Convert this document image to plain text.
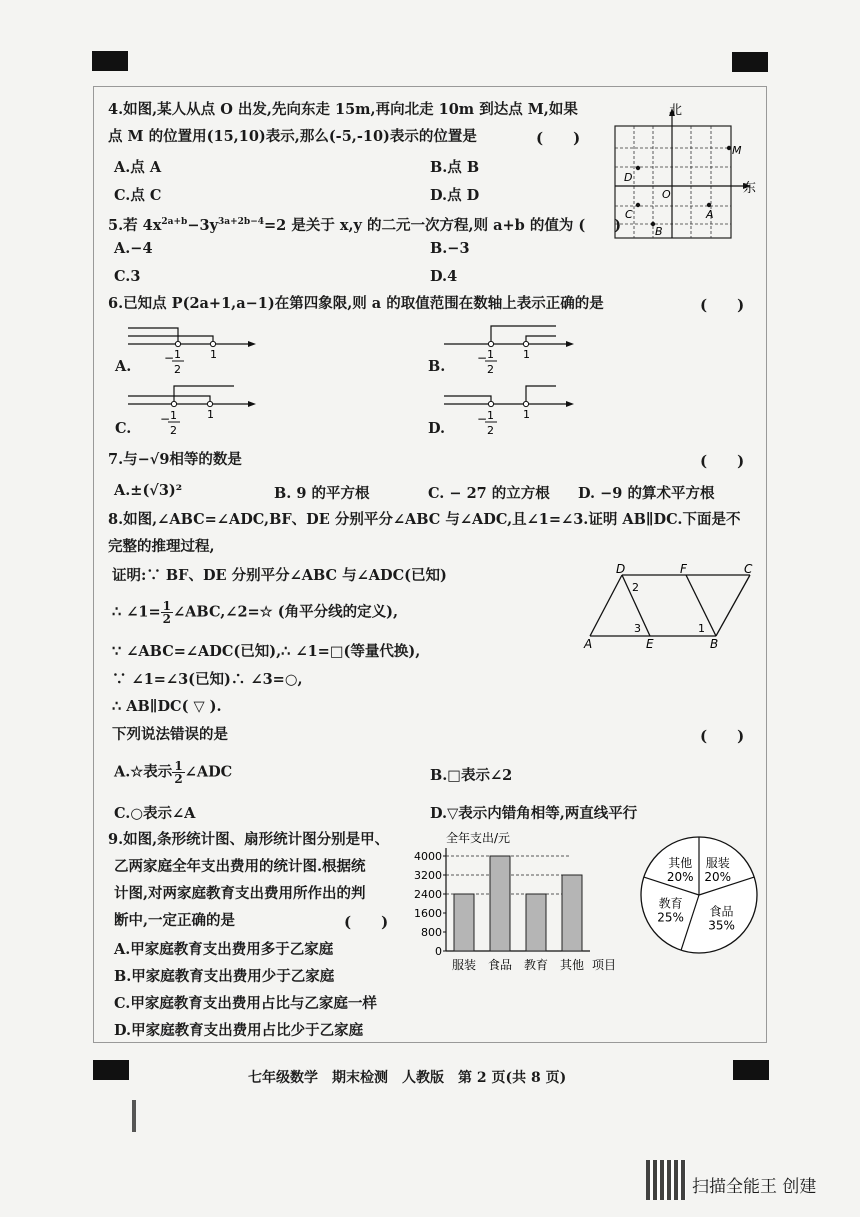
4.如图,某人从点 O 出发,先向东走 15m,再向北走 10m 到达点 M,如果
点 M 的位置用(15,10)表示,那么(-5,-10)表示的位置是	(　　)
A.点 A	B.点 B
C.点 C	D.点 D
北
东
M
D
O
C	A
B
5.若 $4x^{2a+b}-3y^{3a+2b-4}=2$ 是关于 x,y 的二元一次方程,则 a+b 的值为 (　　)
A.−4	B.−3
C.3	D.4
6.已知点 P(2a+1,a−1)在第四象限,则 a 的取值范围在数轴上表示正确的是	(　　)
A.	− 1
2
1
B.	− 1
2
1
C.
− 1
2
1
D.
− 1
2
1
7.与−√9相等的数是	(　　)
A.±(√3)²	B. 9 的平方根	C. − 27 的立方根 D. −9 的算术平方根
8.如图,∠ABC=∠ADC,BF、DE 分别平分∠ABC 与∠ADC,且∠1=∠3.证明 AB∥DC.下面是不
完整的推理过程,
证明:∵ BF、DE 分别平分∠ABC 与∠ADC(已知)
∴ ∠1= $\frac{1}{2}$ ∠ABC,∠2=☆ (角平分线的定义),
∵ ∠ABC=∠ADC(已知),∴ ∠1=□(等量代换),
∵ ∠1=∠3(已知)∴ ∠3=○,
∴ AB∥DC( ▽ ).
下列说法错误的是	(　　)
A.☆表示 $\frac{1}{2}$ ∠ADC	B.□表示∠2
C.○表示∠A	D.▽表示内错角相等,两直线平行
D	F	C
A	E	B
2
3	1
9.如图,条形统计图、扇形统计图分别是甲、
乙两家庭全年支出费用的统计图.根据统
计图,对两家庭教育支出费用所作出的判
断中,一定正确的是	(　　)
A.甲家庭教育支出费用多于乙家庭
B.甲家庭教育支出费用少于乙家庭
C.甲家庭教育支出费用占比与乙家庭一样
D.甲家庭教育支出费用占比少于乙家庭
全年支出/元
0
800
1600
2400
3200
4000
服装 食品 教育 其他 项目
服装
20%
食品
35%
教育
25%
其他
20%
七年级数学　期末检测　人教版　第 2 页(共 8 页)
扫描全能王 创建
